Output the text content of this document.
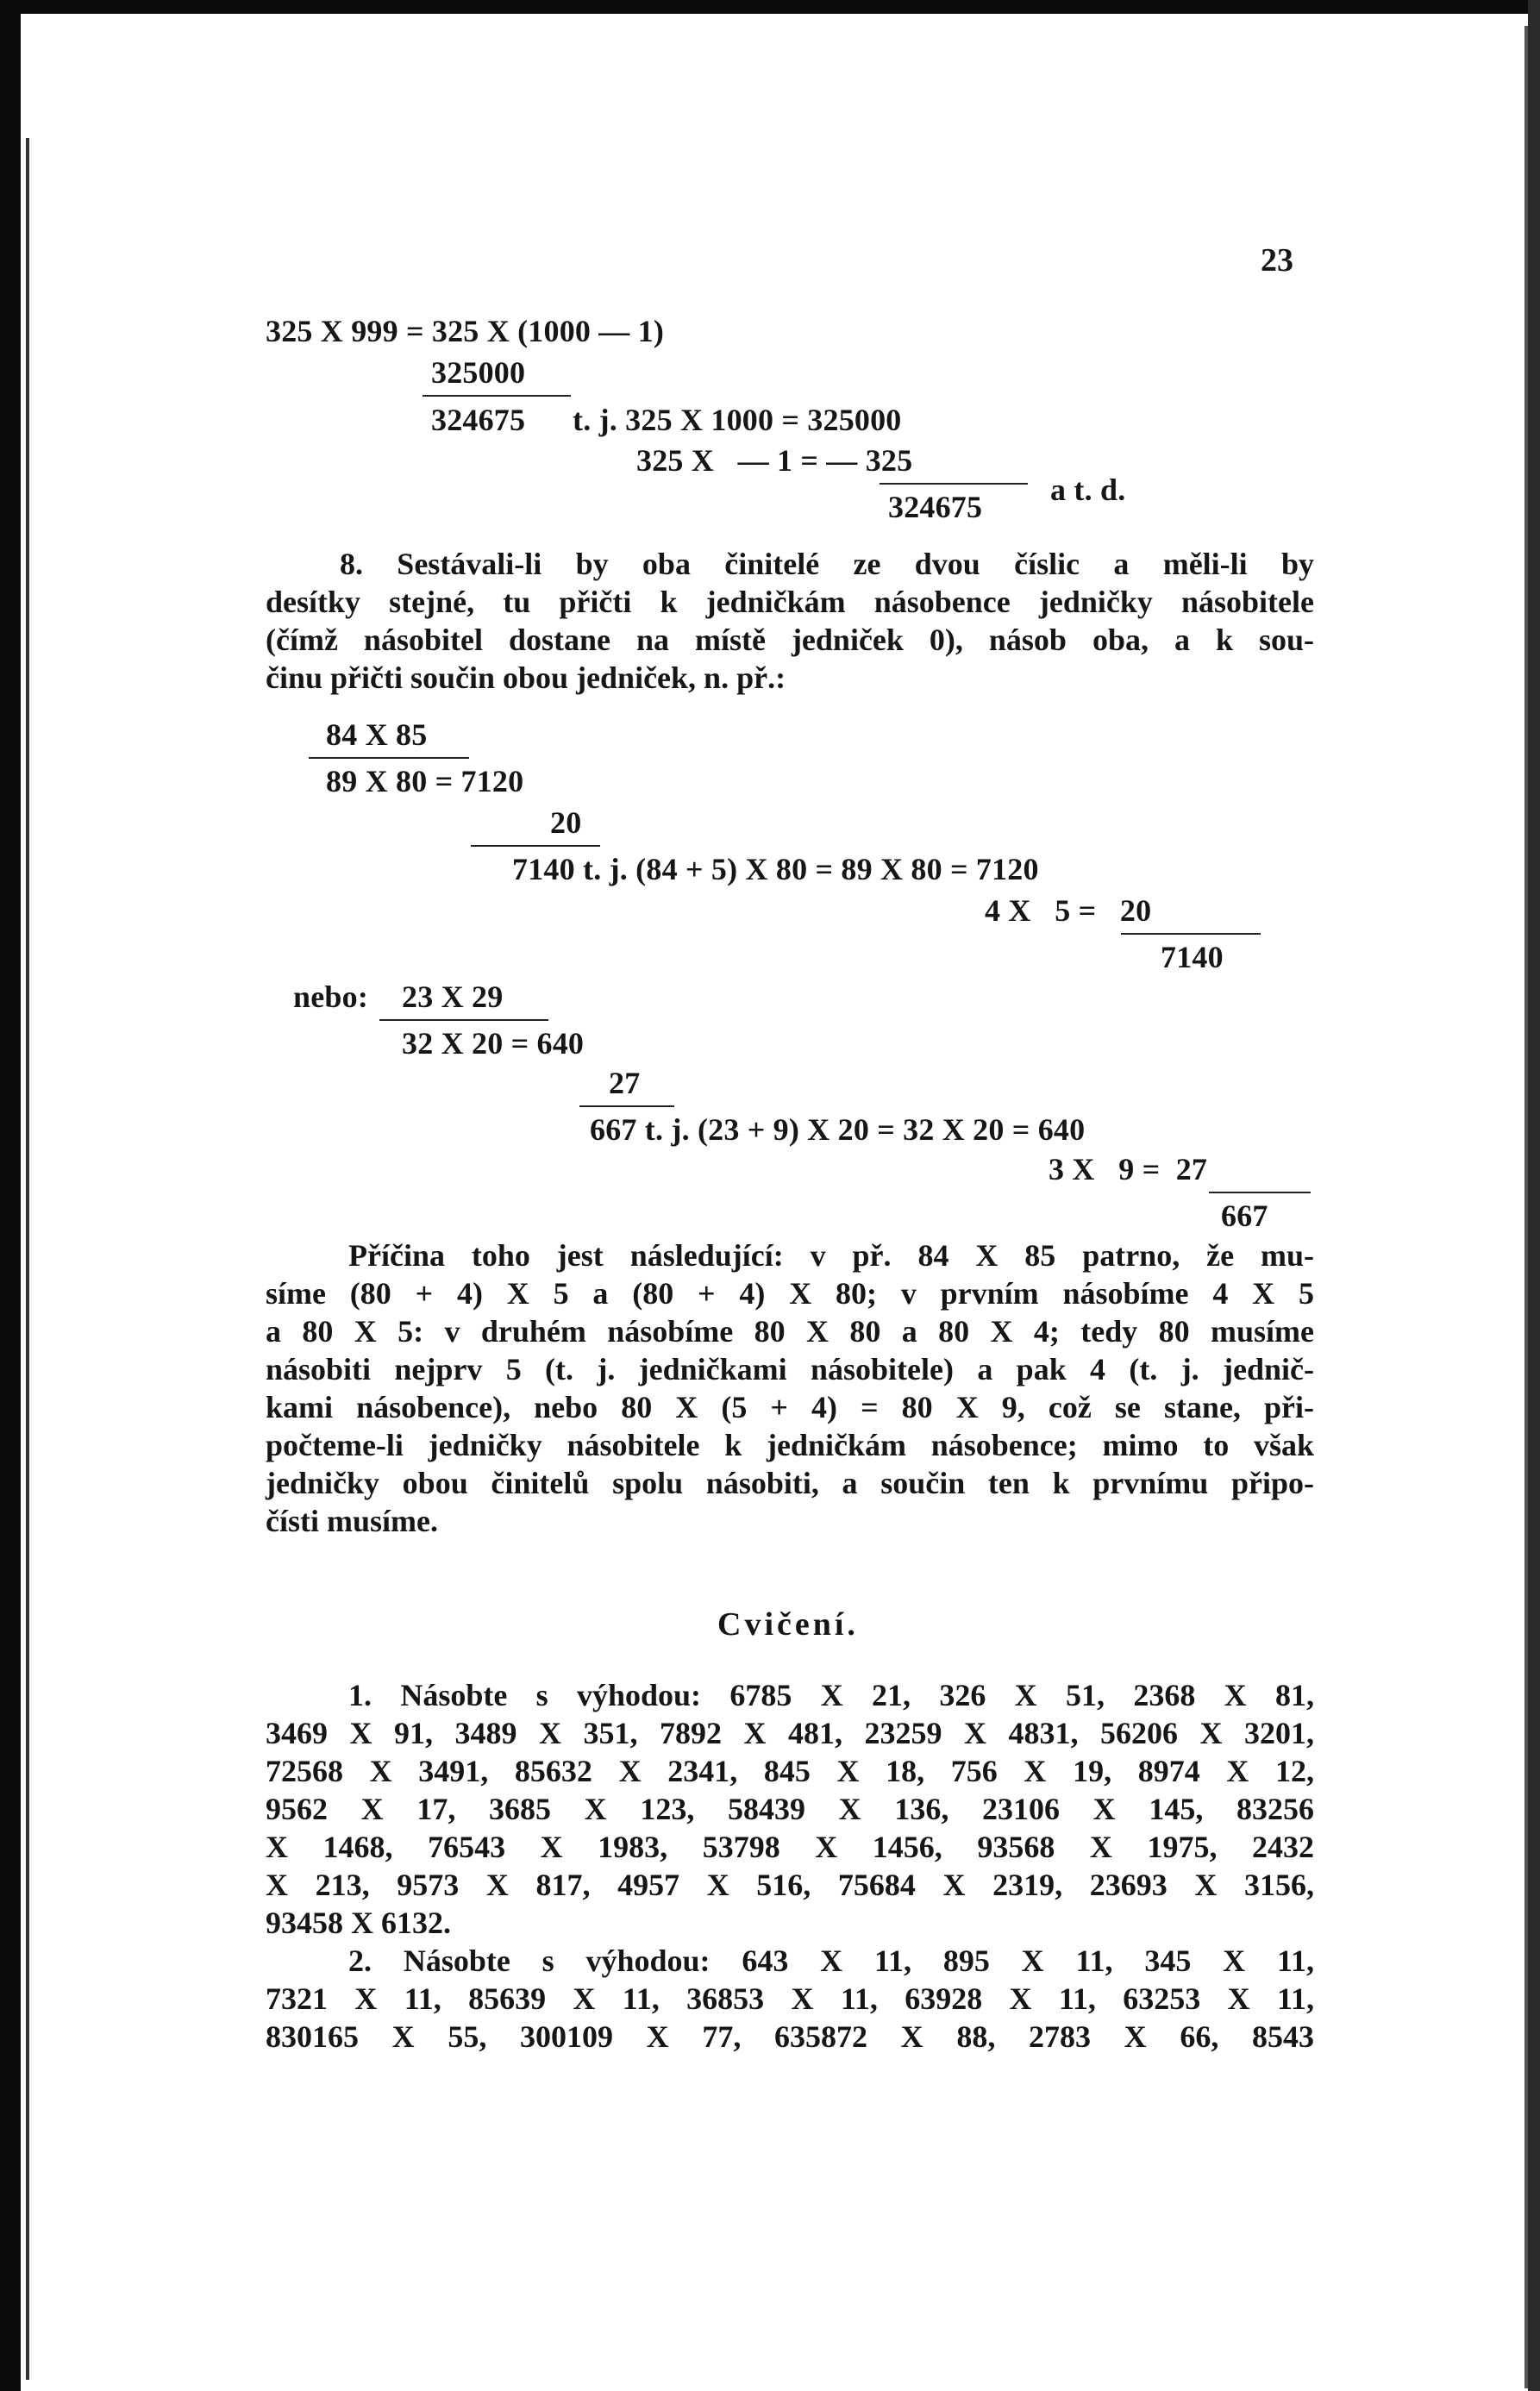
23
325 X 999 = 325 X (1000 — 1)
325000
324675 t. j. 325 X 1000 = 325000
325 X   — 1 = — 325
324675 a t. d.
8. Sestávali-li by oba činitelé ze dvou číslic a měli-li by
desítky stejné, tu přičti k jedničkám násobence jedničky násobitele
(čímž násobitel dostane na místě jedniček 0), násob oba, a k sou-
činu přičti součin obou jedniček, n. př.:
84 X 85
89 X 80 = 7120
20
7140 t. j. (84 + 5) X 80 = 89 X 80 = 7120
4 X   5 =   20
7140
nebo: 23 X 29
32 X 20 = 640
27
667 t. j. (23 + 9) X 20 = 32 X 20 = 640
3 X   9 =  27
667
Příčina toho jest následující: v př. 84 X 85 patrno, že mu-
síme (80 + 4) X 5 a (80 + 4) X 80; v prvním násobíme 4 X 5
a 80 X 5: v druhém násobíme 80 X 80 a 80 X 4; tedy 80 musíme
násobiti nejprv 5 (t. j. jedničkami násobitele) a pak 4 (t. j. jednič-
kami násobence), nebo 80 X (5 + 4) = 80 X 9, což se stane, při-
počteme-li jedničky násobitele k jedničkám násobence; mimo to však
jedničky obou činitelů spolu násobiti, a součin ten k prvnímu připo-
čísti musíme.
Cvičení.
1. Násobte s výhodou: 6785 X 21, 326 X 51, 2368 X 81,
3469 X 91, 3489 X 351, 7892 X 481, 23259 X 4831, 56206 X 3201,
72568 X 3491, 85632 X 2341, 845 X 18, 756 X 19, 8974 X 12,
9562 X 17, 3685 X 123, 58439 X 136, 23106 X 145, 83256
X 1468, 76543 X 1983, 53798 X 1456, 93568 X 1975, 2432
X 213, 9573 X 817, 4957 X 516, 75684 X 2319, 23693 X 3156,
93458 X 6132.
2. Násobte s výhodou: 643 X 11, 895 X 11, 345 X 11,
7321 X 11, 85639 X 11, 36853 X 11, 63928 X 11, 63253 X 11,
830165 X 55, 300109 X 77, 635872 X 88, 2783 X 66, 8543
